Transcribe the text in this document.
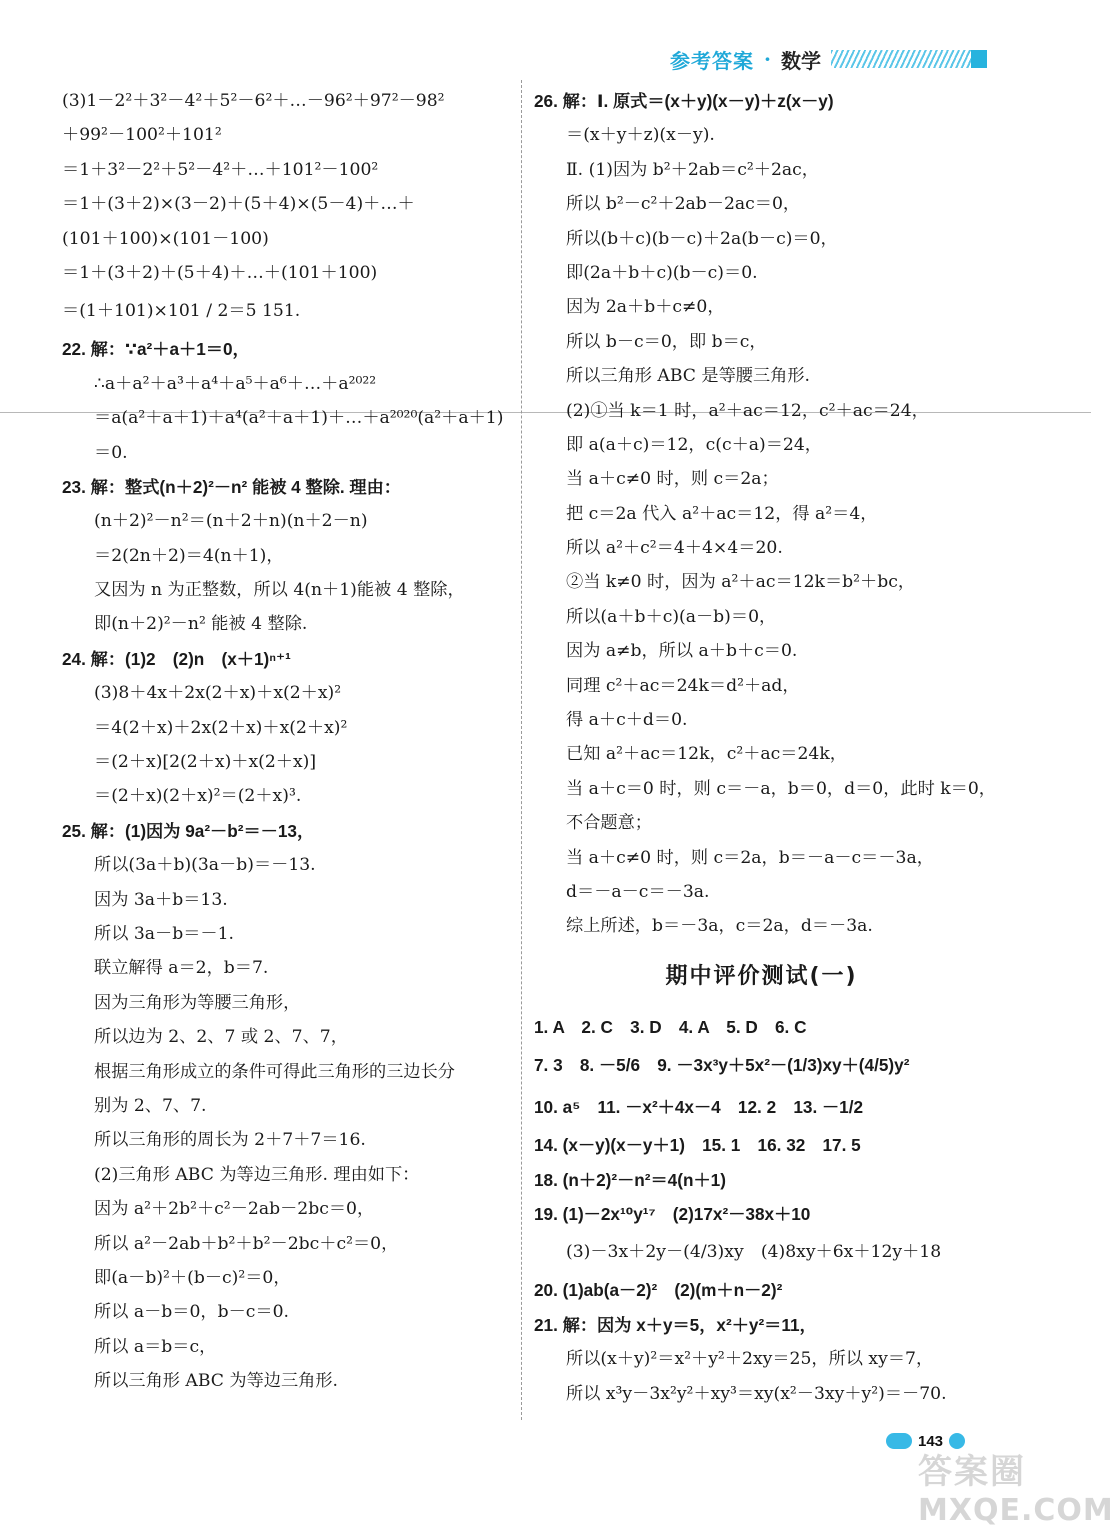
参考答案 · 数学
(3)1－2²＋3²－4²＋5²－6²＋…－96²＋97²－98²
＋99²－100²＋101²
＝1＋3²－2²＋5²－4²＋…＋101²－100²
＝1＋(3＋2)×(3－2)＋(5＋4)×(5－4)＋…＋
(101＋100)×(101－100)
＝1＋(3＋2)＋(5＋4)＋…＋(101＋100)
＝(1＋101)×101 / 2＝5 151.
22. 解：∵a²＋a＋1＝0，
∴a＋a²＋a³＋a⁴＋a⁵＋a⁶＋…＋a²⁰²²
＝a(a²＋a＋1)＋a⁴(a²＋a＋1)＋…＋a²⁰²⁰(a²＋a＋1)
＝0.
23. 解：整式(n＋2)²－n² 能被 4 整除. 理由：
(n＋2)²－n²＝(n＋2＋n)(n＋2－n)
＝2(2n＋2)＝4(n＋1)，
又因为 n 为正整数，所以 4(n＋1)能被 4 整除，
即(n＋2)²－n² 能被 4 整除.
24. 解：(1)2　(2)n　(x＋1)ⁿ⁺¹
(3)8＋4x＋2x(2＋x)＋x(2＋x)²
＝4(2＋x)＋2x(2＋x)＋x(2＋x)²
＝(2＋x)[2(2＋x)＋x(2＋x)]
＝(2＋x)(2＋x)²＝(2＋x)³.
25. 解：(1)因为 9a²－b²＝－13，
所以(3a＋b)(3a－b)＝－13.
因为 3a＋b＝13.
所以 3a－b＝－1.
联立解得 a＝2，b＝7.
因为三角形为等腰三角形，
所以边为 2、2、7 或 2、7、7，
根据三角形成立的条件可得此三角形的三边长分
别为 2、7、7.
所以三角形的周长为 2＋7＋7＝16.
(2)三角形 ABC 为等边三角形. 理由如下：
因为 a²＋2b²＋c²－2ab－2bc＝0，
所以 a²－2ab＋b²＋b²－2bc＋c²＝0，
即(a－b)²＋(b－c)²＝0，
所以 a－b＝0，b－c＝0.
所以 a＝b＝c，
所以三角形 ABC 为等边三角形.
26. 解：Ⅰ. 原式＝(x＋y)(x－y)＋z(x－y)
＝(x＋y＋z)(x－y).
Ⅱ. (1)因为 b²＋2ab＝c²＋2ac，
所以 b²－c²＋2ab－2ac＝0，
所以(b＋c)(b－c)＋2a(b－c)＝0，
即(2a＋b＋c)(b－c)＝0.
因为 2a＋b＋c≠0，
所以 b－c＝0，即 b＝c，
所以三角形 ABC 是等腰三角形.
(2)①当 k＝1 时，a²＋ac＝12，c²＋ac＝24，
即 a(a＋c)＝12，c(c＋a)＝24，
当 a＋c≠0 时，则 c＝2a；
把 c＝2a 代入 a²＋ac＝12，得 a²＝4，
所以 a²＋c²＝4＋4×4＝20.
②当 k≠0 时，因为 a²＋ac＝12k＝b²＋bc，
所以(a＋b＋c)(a－b)＝0，
因为 a≠b，所以 a＋b＋c＝0.
同理 c²＋ac＝24k＝d²＋ad，
得 a＋c＋d＝0.
已知 a²＋ac＝12k，c²＋ac＝24k，
当 a＋c＝0 时，则 c＝－a，b＝0，d＝0，此时 k＝0，
不合题意；
当 a＋c≠0 时，则 c＝2a，b＝－a－c＝－3a，
d＝－a－c＝－3a.
综上所述，b＝－3a，c＝2a，d＝－3a.
期中评价测试(一)
1. A　2. C　3. D　4. A　5. D　6. C
7. 3　8. －5/6　9. －3x³y＋5x²－(1/3)xy＋(4/5)y²
10. a⁵　11. －x²＋4x－4　12. 2　13. －1/2
14. (x－y)(x－y＋1)　15. 1　16. 32　17. 5
18. (n＋2)²－n²＝4(n＋1)
19. (1)－2x¹⁰y¹⁷　(2)17x²－38x＋10
(3)－3x＋2y－(4/3)xy　(4)8xy＋6x＋12y＋18
20. (1)ab(a－2)²　(2)(m＋n－2)²
21. 解：因为 x＋y＝5，x²＋y²＝11，
所以(x＋y)²＝x²＋y²＋2xy＝25，所以 xy＝7，
所以 x³y－3x²y²＋xy³＝xy(x²－3xy＋y²)＝－70.
143
答案圈
MXQE.COM
